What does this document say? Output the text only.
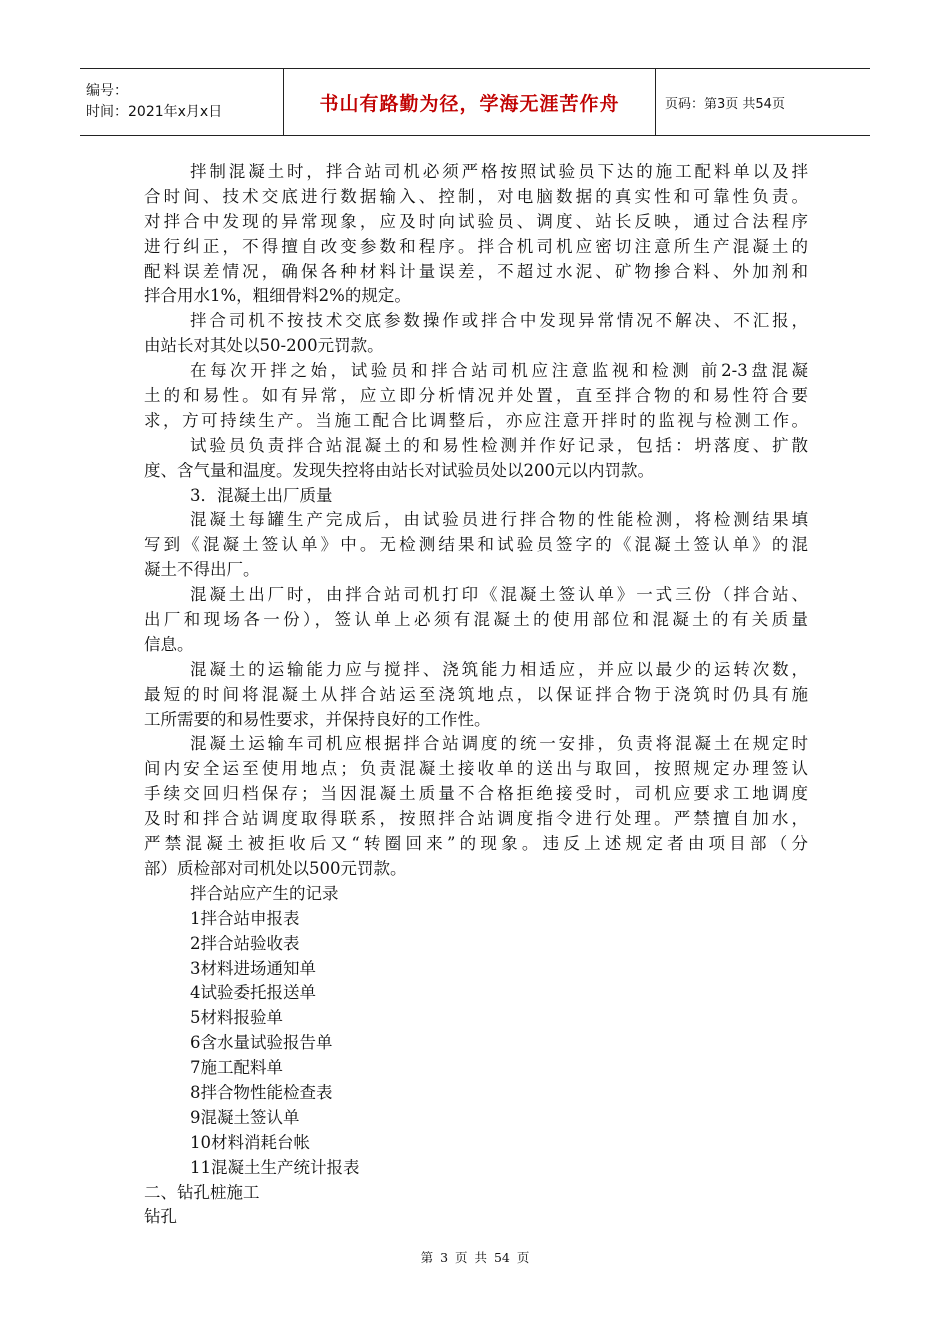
编号：
时间：2021年x月x日	书山有路勤为径，学海无涯苦作舟	页码：第3页 共54页
拌制混凝土时，拌合站司机必须严格按照试验员下达的施工配料单以及拌
合时间、技术交底进行数据输入、控制，对电脑数据的真实性和可靠性负责。
对拌合中发现的异常现象，应及时向试验员、调度、站长反映，通过合法程序
进行纠正，不得擅自改变参数和程序。拌合机司机应密切注意所生产混凝土的
配料误差情况，确保各种材料计量误差，不超过水泥、矿物掺合料、外加剂和
拌合用水1%，粗细骨料2%的规定。
拌合司机不按技术交底参数操作或拌合中发现异常情况不解决、不汇报，
由站长对其处以50-200元罚款。
在每次开拌之始，试验员和拌合站司机应注意监视和检测 前2-3盘混凝
土的和易性。如有异常，应立即分析情况并处置，直至拌合物的和易性符合要
求，方可持续生产。当施工配合比调整后，亦应注意开拌时的监视与检测工作。
试验员负责拌合站混凝土的和易性检测并作好记录，包括：坍落度、扩散
度、含气量和温度。发现失控将由站长对试验员处以200元以内罚款。
3．混凝土出厂质量
混凝土每罐生产完成后，由试验员进行拌合物的性能检测，将检测结果填
写到《混凝土签认单》中。无检测结果和试验员签字的《混凝土签认单》的混
凝土不得出厂。
混凝土出厂时，由拌合站司机打印《混凝土签认单》一式三份（拌合站、
出厂和现场各一份），签认单上必须有混凝土的使用部位和混凝土的有关质量
信息。
混凝土的运输能力应与搅拌、浇筑能力相适应，并应以最少的运转次数，
最短的时间将混凝土从拌合站运至浇筑地点，以保证拌合物于浇筑时仍具有施
工所需要的和易性要求，并保持良好的工作性。
混凝土运输车司机应根据拌合站调度的统一安排，负责将混凝土在规定时
间内安全运至使用地点；负责混凝土接收单的送出与取回，按照规定办理签认
手续交回归档保存；当因混凝土质量不合格拒绝接受时，司机应要求工地调度
及时和拌合站调度取得联系，按照拌合站调度指令进行处理。严禁擅自加水，
严禁混凝土被拒收后又“转圈回来”的现象。违反上述规定者由项目部（分
部）质检部对司机处以500元罚款。
拌合站应产生的记录
1拌合站申报表
2拌合站验收表
3材料进场通知单
4试验委托报送单
5材料报验单
6含水量试验报告单
7施工配料单
8拌合物性能检查表
9混凝土签认单
10材料消耗台帐
11混凝土生产统计报表
二、钻孔桩施工
钻孔
第 3 页 共 54 页
